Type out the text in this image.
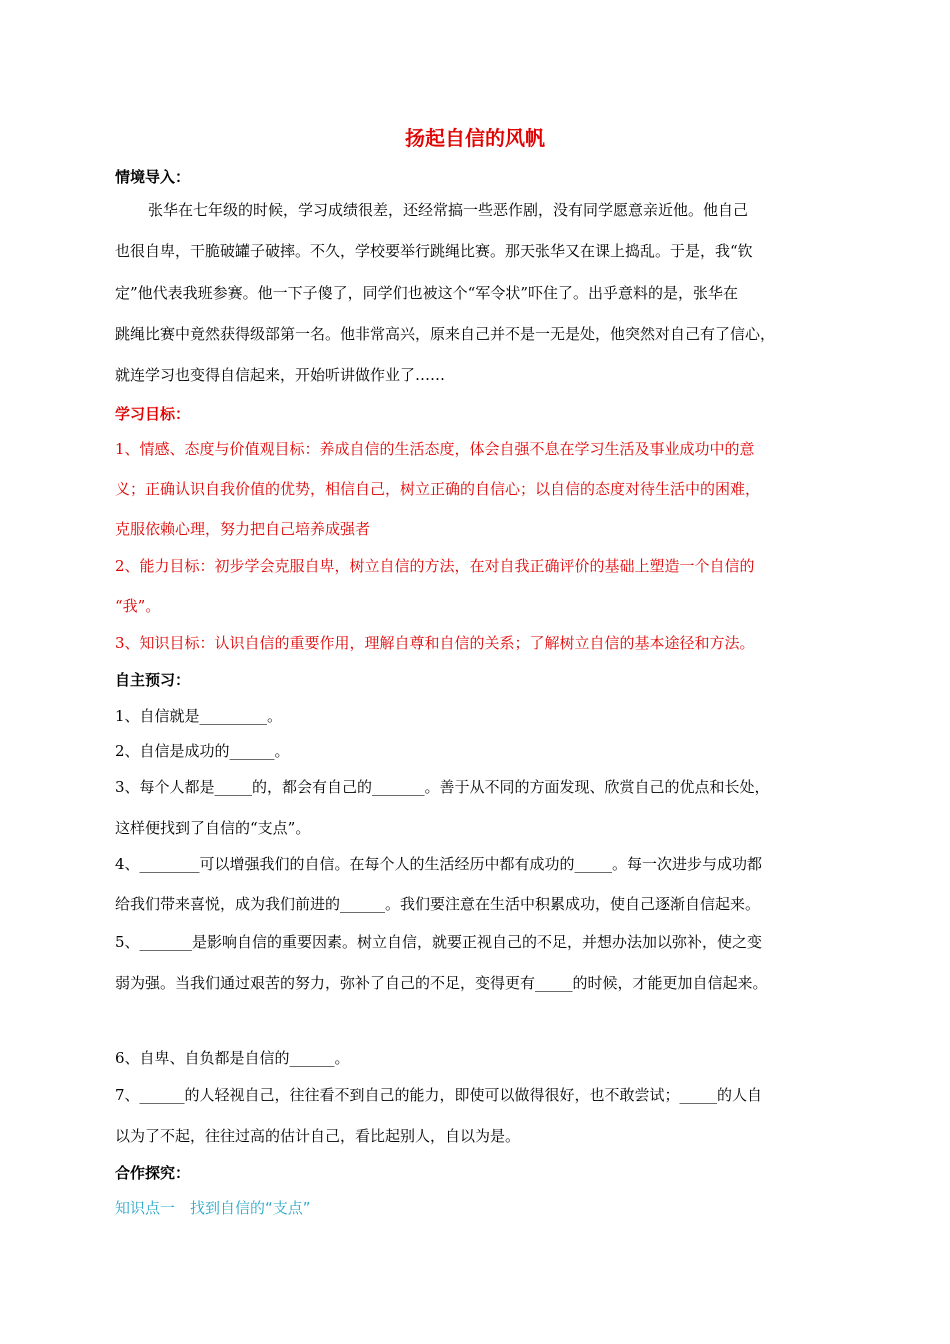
扬起自信的风帆
情境导入：
张华在七年级的时候，学习成绩很差，还经常搞一些恶作剧，没有同学愿意亲近他。他自己
也很自卑，干脆破罐子破摔。不久，学校要举行跳绳比赛。那天张华又在课上捣乱。于是，我“钦
定”他代表我班参赛。他一下子傻了，同学们也被这个“军令状”吓住了。出乎意料的是，张华在
跳绳比赛中竟然获得级部第一名。他非常高兴，原来自己并不是一无是处，他突然对自己有了信心，
就连学习也变得自信起来，开始听讲做作业了……
学习目标：
1、情感、态度与价值观目标：养成自信的生活态度，体会自强不息在学习生活及事业成功中的意
义；正确认识自我价值的优势，相信自己，树立正确的自信心；以自信的态度对待生活中的困难，
克服依赖心理，努力把自己培养成强者
2、能力目标：初步学会克服自卑，树立自信的方法，在对自我正确评价的基础上塑造一个自信的
“我”。
3、知识目标：认识自信的重要作用，理解自尊和自信的关系；了解树立自信的基本途径和方法。
自主预习：
1、自信就是_________。
2、自信是成功的______。
3、每个人都是_____的，都会有自己的_______。善于从不同的方面发现、欣赏自己的优点和长处，
这样便找到了自信的“支点”。
4、________可以增强我们的自信。在每个人的生活经历中都有成功的_____。每一次进步与成功都
给我们带来喜悦，成为我们前进的______。我们要注意在生活中积累成功，使自己逐渐自信起来。
5、_______是影响自信的重要因素。树立自信，就要正视自己的不足，并想办法加以弥补，使之变
弱为强。当我们通过艰苦的努力，弥补了自己的不足，变得更有_____的时候，才能更加自信起来。
6、自卑、自负都是自信的______。
7、______的人轻视自己，往往看不到自己的能力，即使可以做得很好，也不敢尝试；_____的人自
以为了不起，往往过高的估计自己，看比起别人，自以为是。
合作探究：
知识点一　找到自信的“支点”
